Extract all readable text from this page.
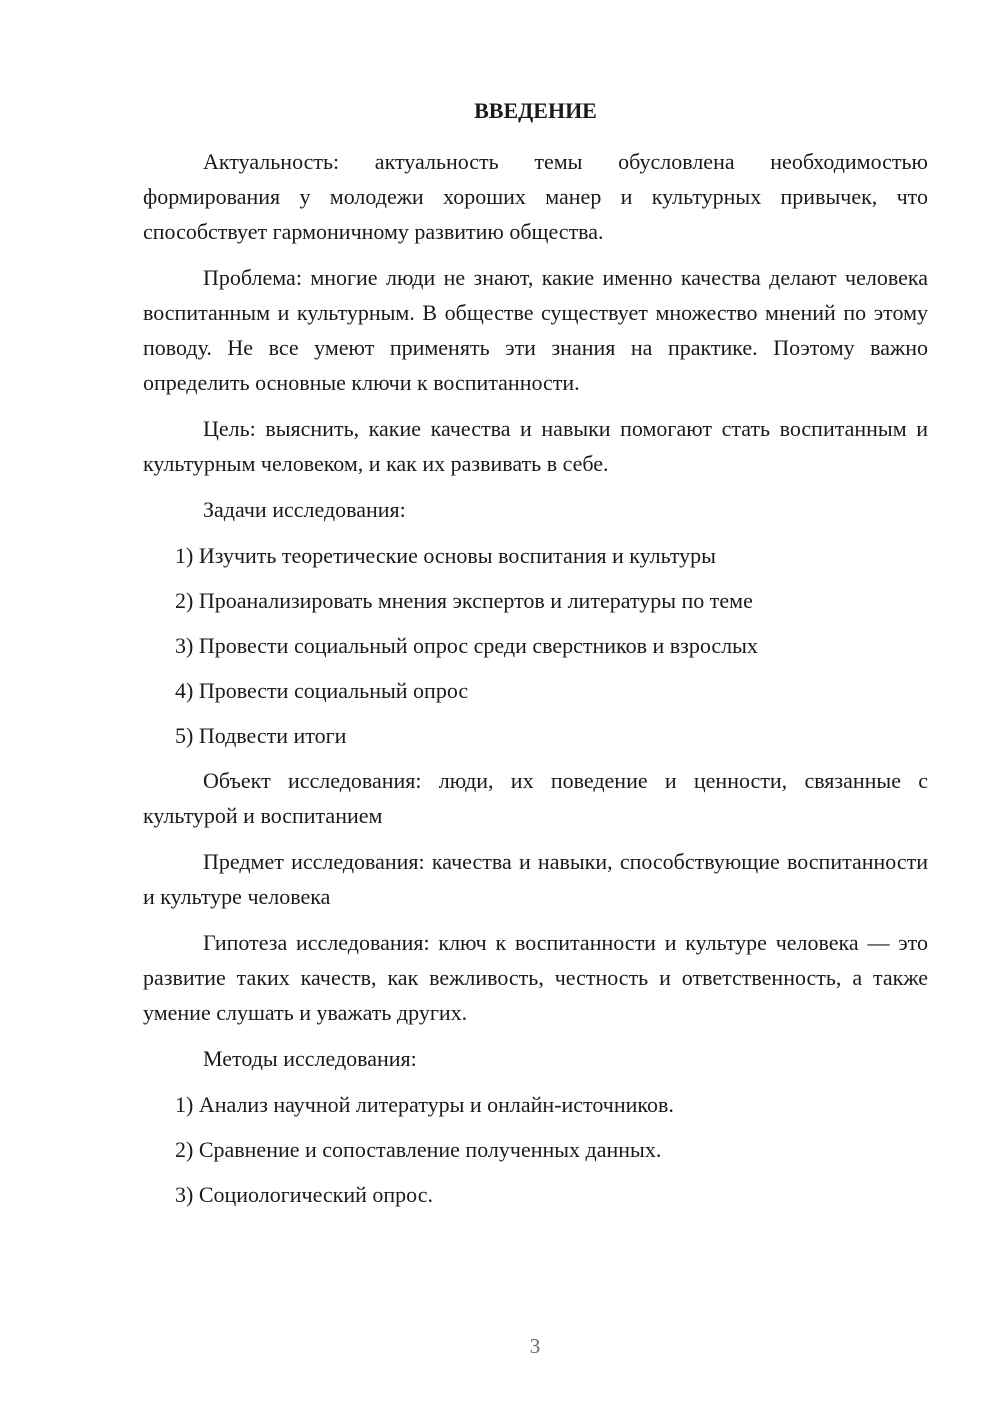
ВВЕДЕНИЕ

Актуальность: актуальность темы обусловлена необходимостью формирования у молодежи хороших манер и культурных привычек, что способствует гармоничному развитию общества.

Проблема: многие люди не знают, какие именно качества делают человека воспитанным и культурным. В обществе существует множество мнений по этому поводу. Не все умеют применять эти знания на практике. Поэтому важно определить основные ключи к воспитанности.

Цель: выяснить, какие качества и навыки помогают стать воспитанным и культурным человеком, и как их развивать в себе.

Задачи исследования:

1) Изучить теоретические основы воспитания и культуры

2) Проанализировать мнения экспертов и литературы по теме

3) Провести социальный опрос среди сверстников и взрослых

4) Провести социальный опрос

5) Подвести итоги

Объект исследования: люди, их поведение и ценности, связанные с культурой и воспитанием

Предмет исследования: качества и навыки, способствующие воспитанности и культуре человека

Гипотеза исследования: ключ к воспитанности и культуре человека — это развитие таких качеств, как вежливость, честность и ответственность, а также умение слушать и уважать других.

Методы исследования:

1) Анализ научной литературы и онлайн-источников.

2) Сравнение и сопоставление полученных данных.

3) Социологический опрос.

3
